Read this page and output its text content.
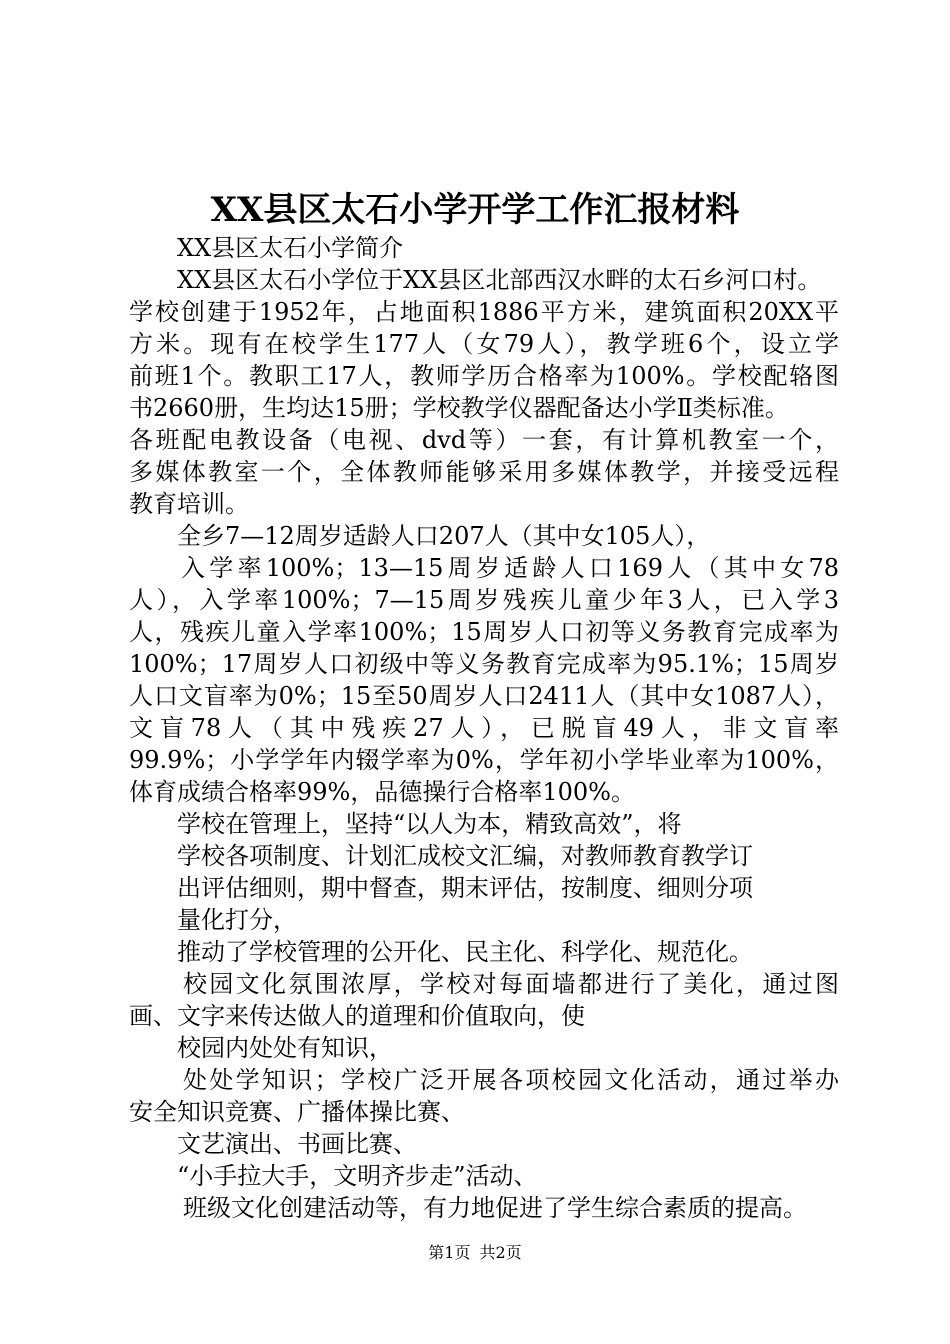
XX县区太石小学开学工作汇报材料
XX县区太石小学简介
XX县区太石小学位于XX县区北部西汉水畔的太石乡河口村。
学校创建于1952年，占地面积1886平方米，建筑面积20XX平
方米。现有在校学生177人（女79人），教学班6个，设立学
前班1个。教职工17人，教师学历合格率为100%。学校配辂图
书2660册，生均达15册；学校教学仪器配备达小学Ⅱ类标准。
各班配电教设备（电视、dvd等）一套，有计算机教室一个，
多媒体教室一个，全体教师能够采用多媒体教学，并接受远程
教育培训。
全乡7—12周岁适龄人口207人（其中女105人），
入学率100%；13—15周岁适龄人口169人（其中女78
人），入学率100%；7—15周岁残疾儿童少年3人，已入学3
人，残疾儿童入学率100%；15周岁人口初等义务教育完成率为
100%；17周岁人口初级中等义务教育完成率为95.1%；15周岁
人口文盲率为0%；15至50周岁人口2411人（其中女1087人），
文盲78人（其中残疾27人），已脱盲49人，非文盲率
99.9%；小学学年内辍学率为0%，学年初小学毕业率为100%，
体育成绩合格率99%，品德操行合格率100%。
学校在管理上，坚持“以人为本，精致高效”，将
学校各项制度、计划汇成校文汇编，对教师教育教学订
出评估细则，期中督查，期末评估，按制度、细则分项
量化打分，
推动了学校管理的公开化、民主化、科学化、规范化。
校园文化氛围浓厚，学校对每面墙都进行了美化，通过图
画、文字来传达做人的道理和价值取向，使
校园内处处有知识，
处处学知识；学校广泛开展各项校园文化活动，通过举办
安全知识竞赛、广播体操比赛、
文艺演出、书画比赛、
“小手拉大手，文明齐步走”活动、
班级文化创建活动等，有力地促进了学生综合素质的提高。
第1页 共2页
